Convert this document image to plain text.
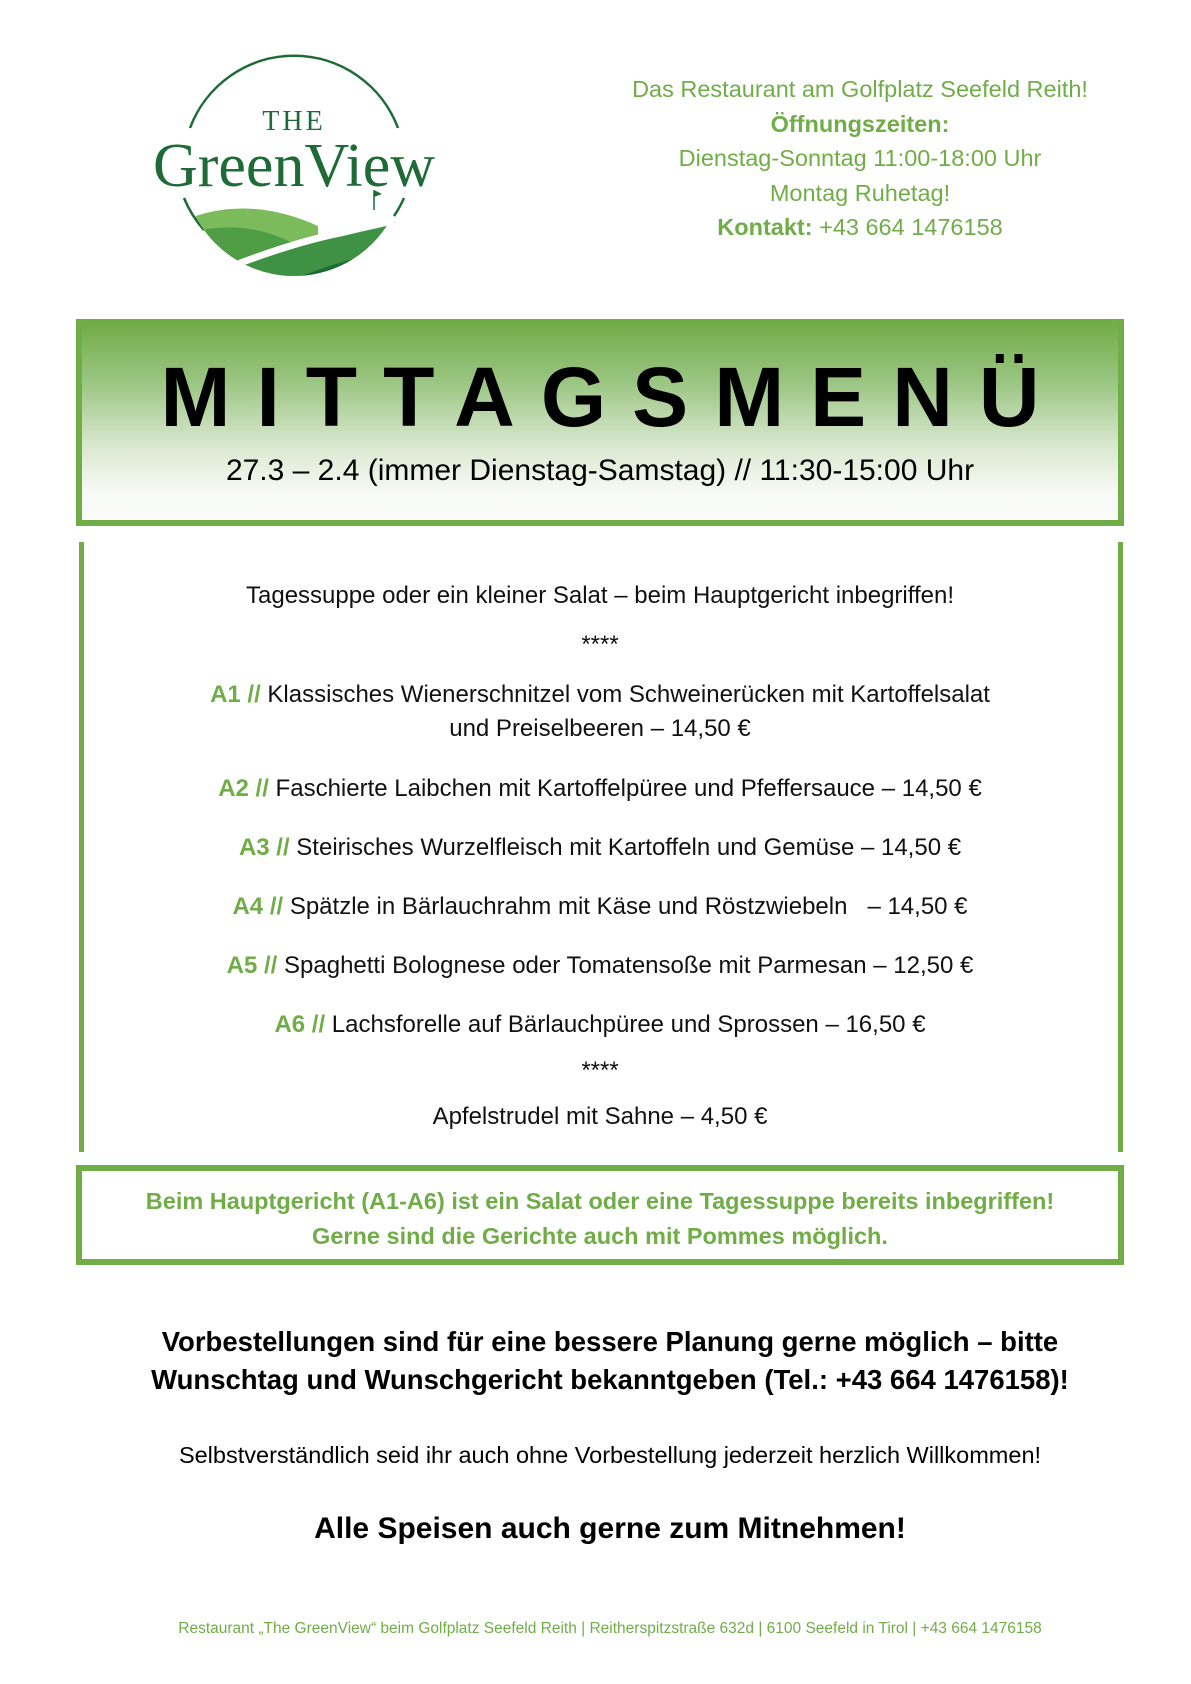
THE
GreenView
Das Restaurant am Golfplatz Seefeld Reith!
Öffnungszeiten:
Dienstag-Sonntag 11:00-18:00 Uhr
Montag Ruhetag!
Kontakt: +43 664 1476158
MITTAGSMENÜ
27.3 – 2.4 (immer Dienstag-Samstag) // 11:30-15:00 Uhr
Tagessuppe oder ein kleiner Salat – beim Hauptgericht inbegriffen!
****
A1 // Klassisches Wienerschnitzel vom Schweinerücken mit Kartoffelsalat
und Preiselbeeren – 14,50 €
A2 // Faschierte Laibchen mit Kartoffelpüree und Pfeffersauce – 14,50 €
A3 // Steirisches Wurzelfleisch mit Kartoffeln und Gemüse – 14,50 €
A4 // Spätzle in Bärlauchrahm mit Käse und Röstzwiebeln   – 14,50 €
A5 // Spaghetti Bolognese oder Tomatensoße mit Parmesan – 12,50 €
A6 // Lachsforelle auf Bärlauchpüree und Sprossen – 16,50 €
****
Apfelstrudel mit Sahne – 4,50 €
Beim Hauptgericht (A1-A6) ist ein Salat oder eine Tagessuppe bereits inbegriffen!
Gerne sind die Gerichte auch mit Pommes möglich.
Vorbestellungen sind für eine bessere Planung gerne möglich – bitte
Wunschtag und Wunschgericht bekanntgeben (Tel.: +43 664 1476158)!
Selbstverständlich seid ihr auch ohne Vorbestellung jederzeit herzlich Willkommen!
Alle Speisen auch gerne zum Mitnehmen!
Restaurant „The GreenView“ beim Golfplatz Seefeld Reith | Reitherspitzstraße 632d | 6100 Seefeld in Tirol | +43 664 1476158
